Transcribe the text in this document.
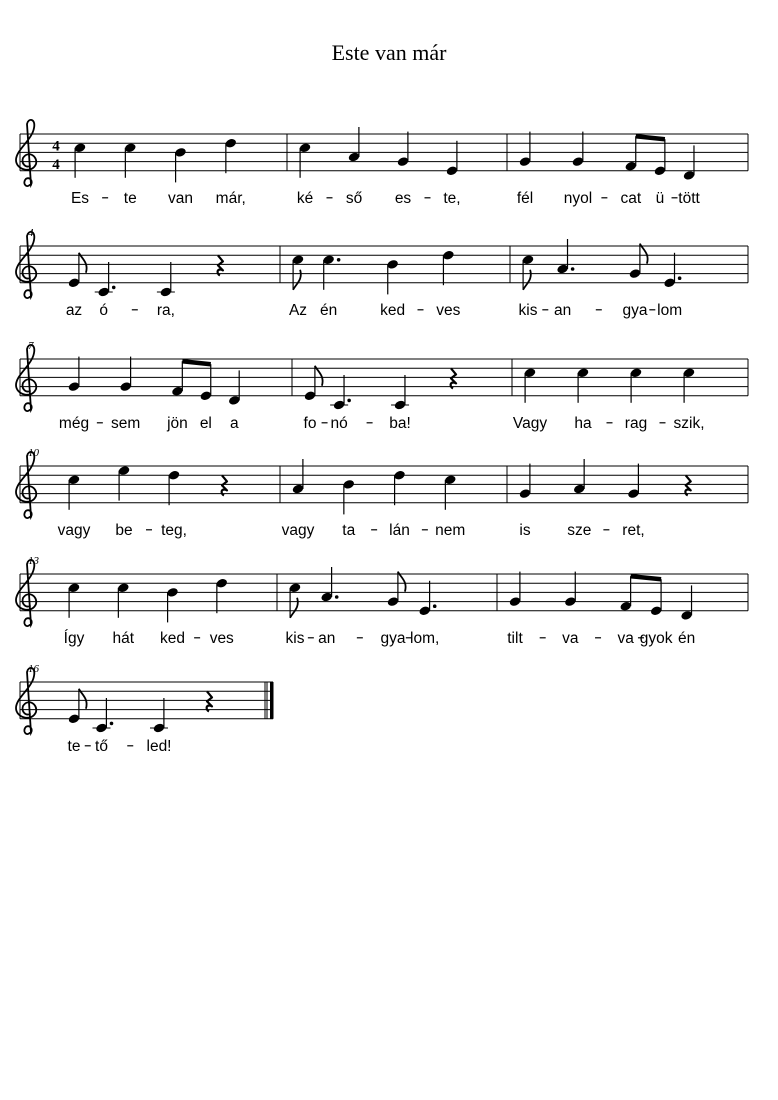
Este van már
4
4
Es te van már,	ké ső es te,	fél nyol cat ü tött
4
az ó	ra,	Az én	ked ves	kis an	gya lom
7
még sem jön el a	fo nó	ba!	Vagy ha rag szik,
10
vagy be teg,	vagy ta lán nem	is sze ret,
13
Így hát ked ves	kis an	gya lom,	tilt	va	va gyok én
16
te tő led!
